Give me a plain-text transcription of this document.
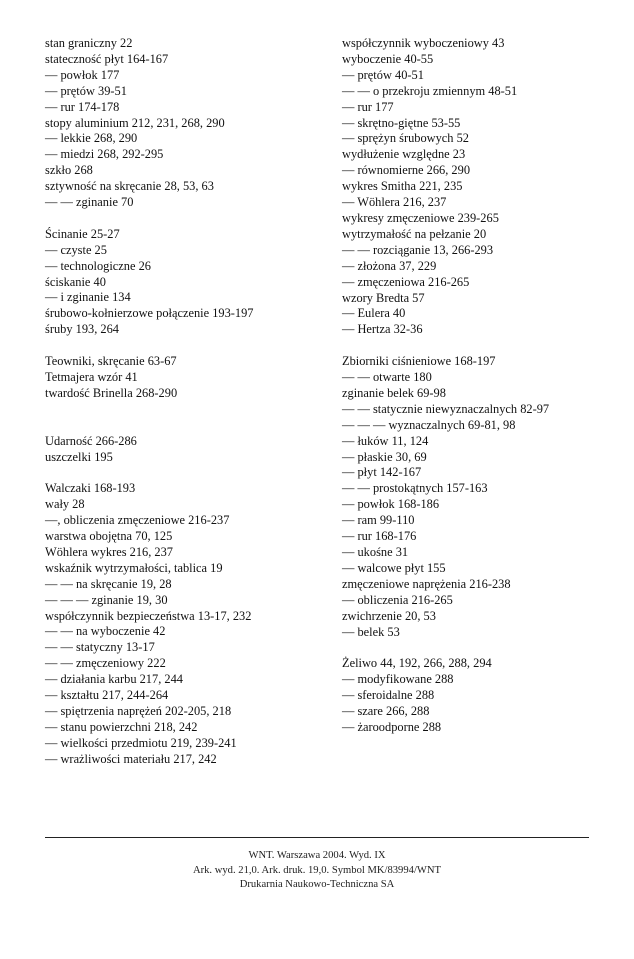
stan graniczny 22
stateczność płyt 164-167
— powłok 177
— prętów 39-51
— rur 174-178
stopy aluminium 212, 231, 268, 290
— lekkie 268, 290
— miedzi 268, 292-295
szkło 268
sztywność na skręcanie 28, 53, 63
— — zginanie 70
Ścinanie 25-27
— czyste 25
— technologiczne 26
ściskanie 40
— i zginanie 134
śrubowo-kołnierzowe połączenie 193-197
śruby 193, 264
Teowniki, skręcanie 63-67
Tetmajera wzór 41
twardość Brinella 268-290
Udarność 266-286
uszczelki 195
Walczaki 168-193
wały 28
—, obliczenia zmęczeniowe 216-237
warstwa obojętna 70, 125
Wöhlera wykres 216, 237
wskaźnik wytrzymałości, tablica 19
— — na skręcanie 19, 28
— — — zginanie 19, 30
współczynnik bezpieczeństwa 13-17, 232
— — na wyboczenie 42
— — statyczny 13-17
— — zmęczeniowy 222
— działania karbu 217, 244
— kształtu 217, 244-264
— spiętrzenia naprężeń 202-205, 218
— stanu powierzchni 218, 242
— wielkości przedmiotu 219, 239-241
— wrażliwości materiału 217, 242
współczynnik wyboczeniowy 43
wyboczenie 40-55
— prętów 40-51
— — o przekroju zmiennym 48-51
— rur 177
— skrętno-giętne 53-55
— sprężyn śrubowych 52
wydłużenie względne 23
— równomierne 266, 290
wykres Smitha 221, 235
— Wöhlera 216, 237
wykresy zmęczeniowe 239-265
wytrzymałość na pełzanie 20
— — rozciąganie 13, 266-293
— złożona 37, 229
— zmęczeniowa 216-265
wzory Bredta 57
— Eulera 40
— Hertza 32-36
Zbiorniki ciśnieniowe 168-197
— — otwarte 180
zginanie belek 69-98
— — statycznie niewyznaczalnych 82-97
— — — wyznaczalnych 69-81, 98
— łuków 11, 124
— płaskie 30, 69
— płyt 142-167
— — prostokątnych 157-163
— powłok 168-186
— ram 99-110
— rur 168-176
— ukośne 31
— walcowe płyt 155
zmęczeniowe naprężenia 216-238
— obliczenia 216-265
zwichrzenie 20, 53
— belek 53
Żeliwo 44, 192, 266, 288, 294
— modyfikowane 288
— sferoidalne 288
— szare 266, 288
— żaroodporne 288
WNT. Warszawa 2004. Wyd. IX
Ark. wyd. 21,0. Ark. druk. 19,0. Symbol MK/83994/WNT
Drukarnia Naukowo-Techniczna SA
